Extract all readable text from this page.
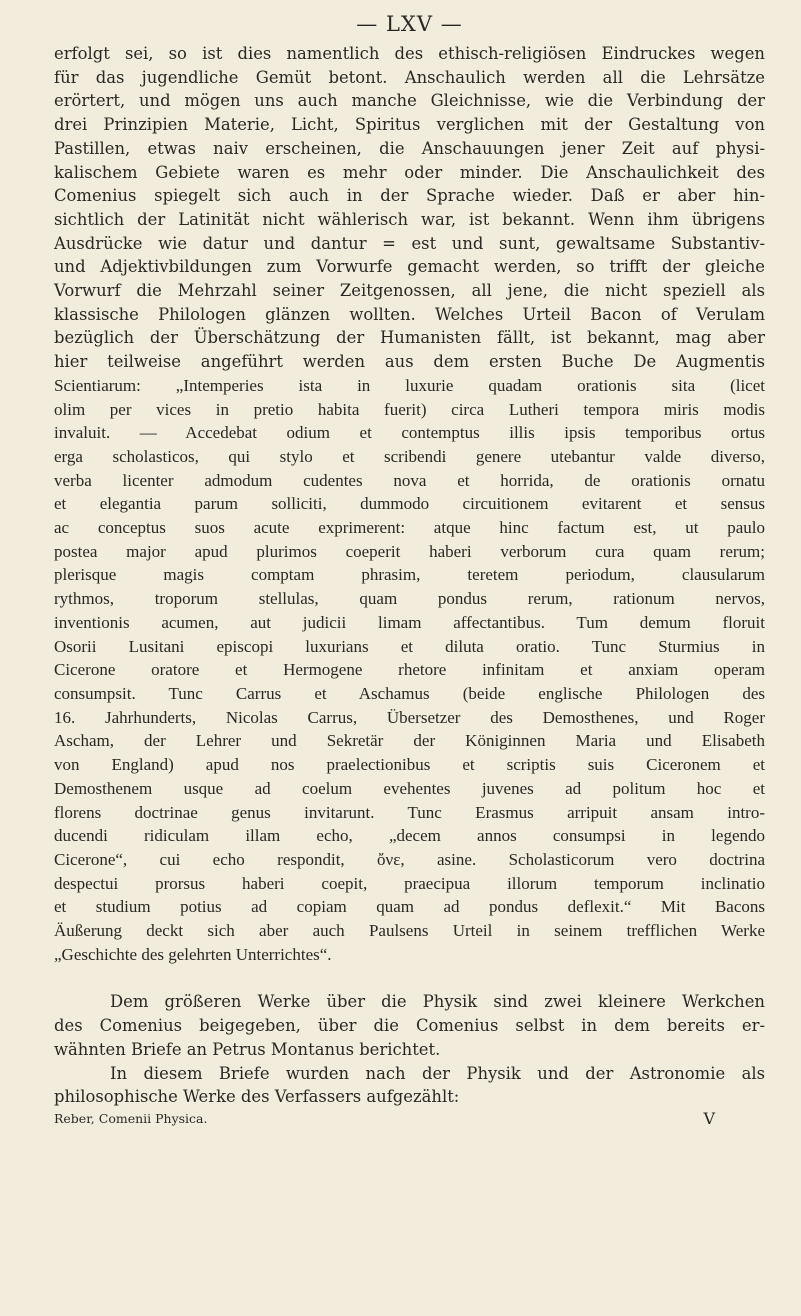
— LXV —
erfolgt sei, so ist dies namentlich des ethisch-religiösen Eindruckes wegen
für das jugendliche Gemüt betont. Anschaulich werden all die Lehrsätze
erörtert, und mögen uns auch manche Gleichnisse, wie die Verbindung der
drei Prinzipien Materie, Licht, Spiritus verglichen mit der Gestaltung von
Pastillen, etwas naiv erscheinen, die Anschauungen jener Zeit auf physi-
kalischem Gebiete waren es mehr oder minder. Die Anschaulichkeit des
Comenius spiegelt sich auch in der Sprache wieder. Daß er aber hin-
sichtlich der Latinität nicht wählerisch war, ist bekannt. Wenn ihm übrigens
Ausdrücke wie datur und dantur = est und sunt, gewaltsame Substantiv-
und Adjektivbildungen zum Vorwurfe gemacht werden, so trifft der gleiche
Vorwurf die Mehrzahl seiner Zeitgenossen, all jene, die nicht speziell als
klassische Philologen glänzen wollten. Welches Urteil Bacon of Verulam
bezüglich der Überschätzung der Humanisten fällt, ist bekannt, mag aber
hier teilweise angeführt werden aus dem ersten Buche De Augmentis
Scientiarum: „Intemperies ista in luxurie quadam orationis sita (licet
olim per vices in pretio habita fuerit) circa Lutheri tempora miris modis
invaluit. — Accedebat odium et contemptus illis ipsis temporibus ortus
erga scholasticos, qui stylo et scribendi genere utebantur valde diverso,
verba licenter admodum cudentes nova et horrida, de orationis ornatu
et elegantia parum solliciti, dummodo circuitionem evitarent et sensus
ac conceptus suos acute exprimerent: atque hinc factum est, ut paulo
postea major apud plurimos coeperit haberi verborum cura quam rerum;
plerisque magis comptam phrasim, teretem periodum, clausularum
rythmos, troporum stellulas, quam pondus rerum, rationum nervos,
inventionis acumen, aut judicii limam affectantibus. Tum demum floruit
Osorii Lusitani episcopi luxurians et diluta oratio. Tunc Sturmius in
Cicerone oratore et Hermogene rhetore infinitam et anxiam operam
consumpsit. Tunc Carrus et Aschamus (beide englische Philologen des
16. Jahrhunderts, Nicolas Carrus, Übersetzer des Demosthenes, und Roger
Ascham, der Lehrer und Sekretär der Königinnen Maria und Elisabeth
von England) apud nos praelectionibus et scriptis suis Ciceronem et
Demosthenem usque ad coelum evehentes juvenes ad politum hoc et
florens doctrinae genus invitarunt. Tunc Erasmus arripuit ansam intro-
ducendi ridiculam illam echo, „decem annos consumpsi in legendo
Cicerone“, cui echo respondit, ὄνε, asine. Scholasticorum vero doctrina
despectui prorsus haberi coepit, praecipua illorum temporum inclinatio
et studium potius ad copiam quam ad pondus deflexit.“ Mit Bacons
Äußerung deckt sich aber auch Paulsens Urteil in seinem trefflichen Werke
„Geschichte des gelehrten Unterrichtes“.
Dem größeren Werke über die Physik sind zwei kleinere Werkchen
des Comenius beigegeben, über die Comenius selbst in dem bereits er-
wähnten Briefe an Petrus Montanus berichtet.
In diesem Briefe wurden nach der Physik und der Astronomie als
philosophische Werke des Verfassers aufgezählt:
Reber, Comenii Physica.	V
